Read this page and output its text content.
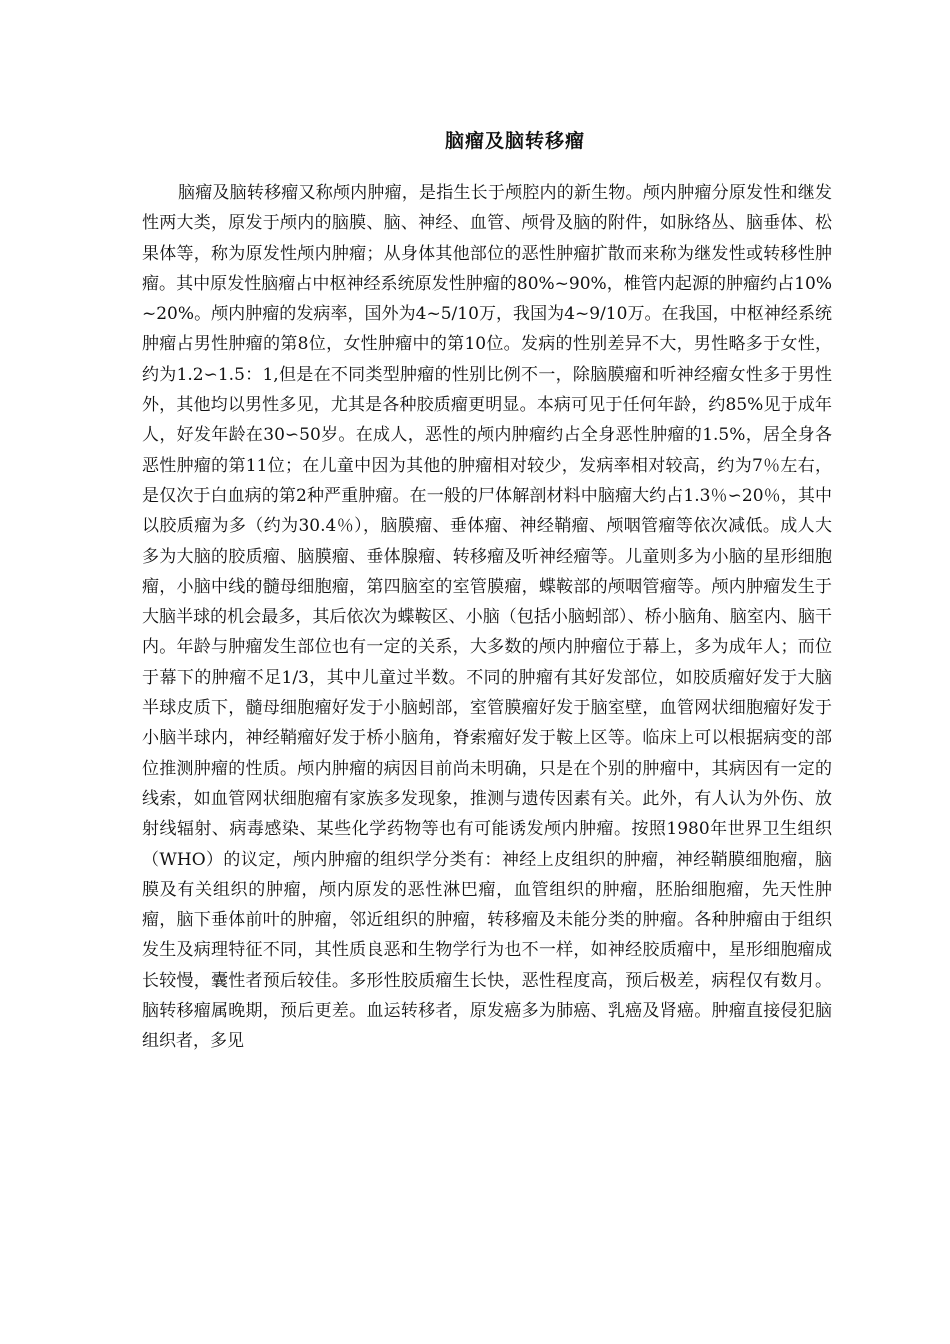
脑瘤及脑转移瘤

脑瘤及脑转移瘤又称颅内肿瘤，是指生长于颅腔内的新生物。颅内肿瘤分原发性和继发性两大类，原发于颅内的脑膜、脑、神经、血管、颅骨及脑的附件，如脉络丛、脑垂体、松果体等，称为原发性颅内肿瘤；从身体其他部位的恶性肿瘤扩散而来称为继发性或转移性肿瘤。其中原发性脑瘤占中枢神经系统原发性肿瘤的80%~90%，椎管内起源的肿瘤约占10%~20%。颅内肿瘤的发病率，国外为4~5/10万，我国为4~9/10万。在我国，中枢神经系统肿瘤占男性肿瘤的第8位，女性肿瘤中的第10位。发病的性别差异不大，男性略多于女性，约为1.2∽1.5：1,但是在不同类型肿瘤的性别比例不一，除脑膜瘤和听神经瘤女性多于男性外，其他均以男性多见，尤其是各种胶质瘤更明显。本病可见于任何年龄，约85%见于成年人，好发年龄在30∽50岁。在成人，恶性的颅内肿瘤约占全身恶性肿瘤的1.5%，居全身各恶性肿瘤的第11位；在儿童中因为其他的肿瘤相对较少，发病率相对较高，约为7％左右，是仅次于白血病的第2种严重肿瘤。在一般的尸体解剖材料中脑瘤大约占1.3％∽20％，其中以胶质瘤为多（约为30.4％），脑膜瘤、垂体瘤、神经鞘瘤、颅咽管瘤等依次减低。成人大多为大脑的胶质瘤、脑膜瘤、垂体腺瘤、转移瘤及听神经瘤等。儿童则多为小脑的星形细胞瘤，小脑中线的髓母细胞瘤，第四脑室的室管膜瘤，蝶鞍部的颅咽管瘤等。颅内肿瘤发生于大脑半球的机会最多，其后依次为蝶鞍区、小脑（包括小脑蚓部）、桥小脑角、脑室内、脑干内。年龄与肿瘤发生部位也有一定的关系，大多数的颅内肿瘤位于幕上，多为成年人；而位于幕下的肿瘤不足1/3，其中儿童过半数。不同的肿瘤有其好发部位，如胶质瘤好发于大脑半球皮质下，髓母细胞瘤好发于小脑蚓部，室管膜瘤好发于脑室壁，血管网状细胞瘤好发于小脑半球内，神经鞘瘤好发于桥小脑角，脊索瘤好发于鞍上区等。临床上可以根据病变的部位推测肿瘤的性质。颅内肿瘤的病因目前尚未明确，只是在个别的肿瘤中，其病因有一定的线索，如血管网状细胞瘤有家族多发现象，推测与遗传因素有关。此外，有人认为外伤、放射线辐射、病毒感染、某些化学药物等也有可能诱发颅内肿瘤。按照1980年世界卫生组织（WHO）的议定，颅内肿瘤的组织学分类有：神经上皮组织的肿瘤，神经鞘膜细胞瘤，脑膜及有关组织的肿瘤，颅内原发的恶性淋巴瘤，血管组织的肿瘤，胚胎细胞瘤，先天性肿瘤，脑下垂体前叶的肿瘤，邻近组织的肿瘤，转移瘤及未能分类的肿瘤。各种肿瘤由于组织发生及病理特征不同，其性质良恶和生物学行为也不一样，如神经胶质瘤中，星形细胞瘤成长较慢，囊性者预后较佳。多形性胶质瘤生长快，恶性程度高，预后极差，病程仅有数月。脑转移瘤属晚期，预后更差。血运转移者，原发癌多为肺癌、乳癌及肾癌。肿瘤直接侵犯脑组织者，多见
